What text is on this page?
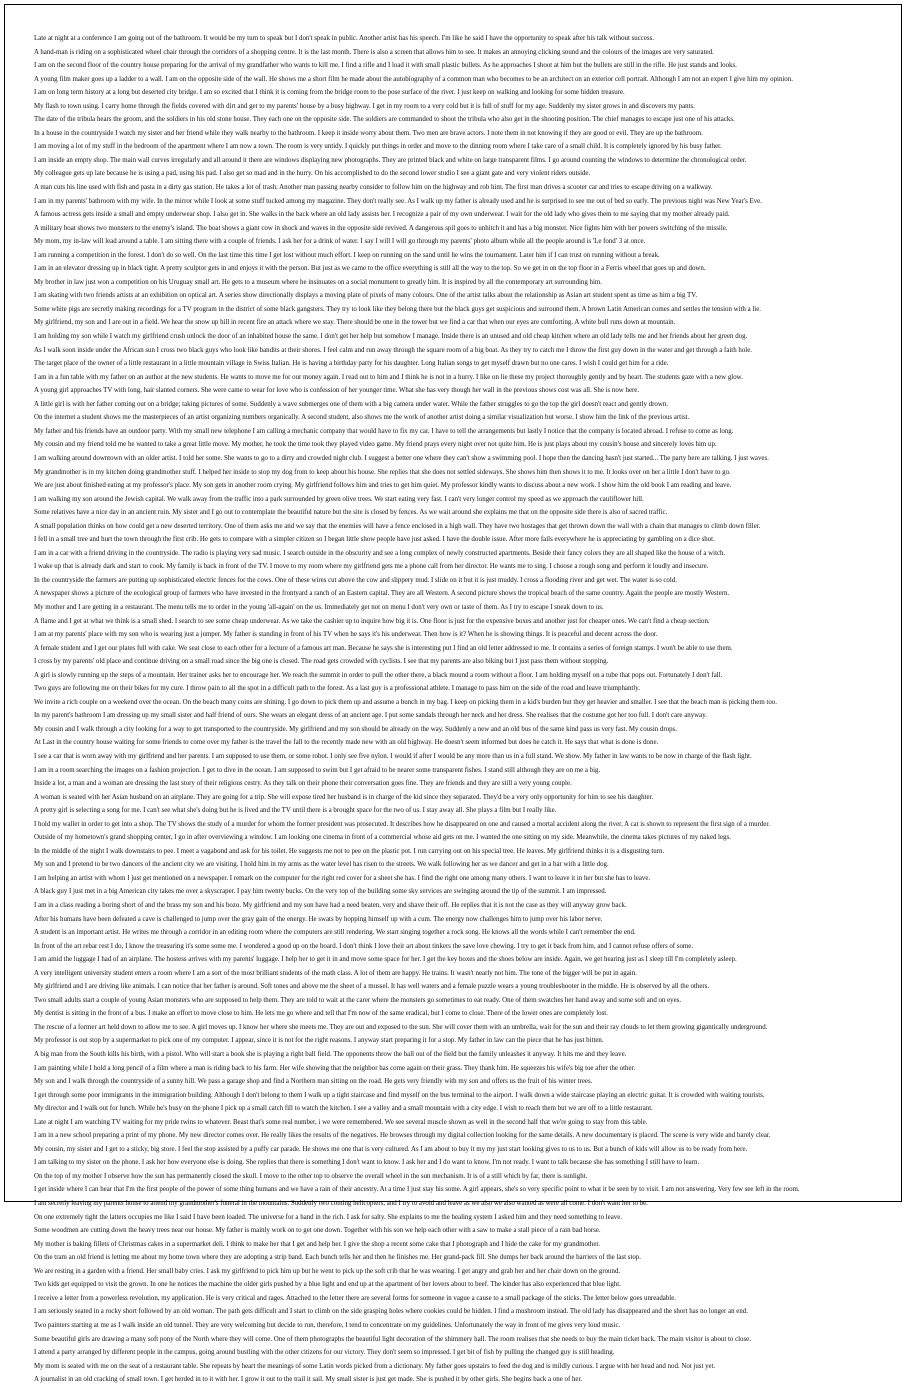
Late at night at a conference I am going out of the bathroom. It would be my turn to speak but I don't speak in public. Another artist has his speech. I'm like he said I have the opportunity to speak after his talk without success.
A hand-man is riding on a sophisticated wheel chair through the corridors of a shopping centre. It is the last month. There is also a screen that allows him to see. It makes an annoying clicking sound and the colours of the images are very saturated.
I am on the second floor of the country house preparing for the arrival of my grandfather who wants to kill me. I find a rifle and I load it with small plastic bullets. As he approaches I shoot at him but the bullets are still in the rifle. He just stands and looks.
A young film maker goes up a ladder to a wall. I am on the opposite side of the wall. He shows me a short film he made about the autobiography of a common man who becomes to be an architect on an exterior cell portrait. Although I am not an expert I give him my opinion.
I am on long term history at a long but deserted city bridge. I am so excited that I think it is coming from the bridge room to the pose surface of the river. I just keep on walking and looking for some hidden treasure.
My flash to town using. I carry home through the fields covered with dirt and get to my parents' house by a busy highway. I get in my room to a very cold but it is full of stuff for my age. Suddenly my sister grows in and discovers my pants.
The date of the tribula hears the groom, and the soldiers in his old stone house. They each one on the opposite side. The soldiers are commanded to shoot the tribula who also get in the shooting position. The chief manages to escape just one of his attacks.
In a house in the countryside I watch my sister and her friend while they walk nearby to the bathroom. I keep it inside worry about them. Two men are brave actors. I note them in not knowing if they are good or evil. They are up the bathroom.
I am moving a lot of my stuff in the bedroom of the apartment where I am now a town. The room is very untidy. I quickly put things in order and move to the dinning room where I take care of a small child. It is completely ignored by his busy father.
I am inside an empty shop. The main wall curves irregularly and all around it there are windows displaying new photographs. They are printed black and white on large transparent films. I go around counting the windows to determine the chronological order.
My colleague gets up late because he is using a pad, using his pad. I also get so mad and in the hurry. On his accomplished to do the second lower studio I see a giant gate and very violent riders outside.
A man cuts his line used with fish and pasta in a dirty gas station. He takes a lot of trash. Another man passing nearby consider to follow him on the highway and rob him. The first man drives a scooter car and tries to escape driving on a walkway.
I am in my parents' bathroom with my wife. In the mirror while I look at some stuff tucked among my magazine. They don't really see. As I walk up my father is already used and he is surprised to see me out of bed so early. The previous night was New Year's Eve.
A famous actress gets inside a small and empty underwear shop. I also get in. She walks in the back where an old lady assists her. I recognize a pair of my own underwear. I wait for the old lady who gives them to me saying that my mother already paid.
A military boat shows two monsters to the enemy's island. The boat shows a giant cow in shock and waves in the opposite side revived. A dangerous spil goes to unhitch it and has a big monster. Nice fights him with her powers switching of the missile.
My mom, my in-law will lead around a table. I am sitting there with a couple of friends. I ask her for a drink of water. I say I will I will go through my parents' photo album while all the people around is 'Le fond' 3 at once.
I am running a competition in the forest. I don't do so well. On the last time this time I get lost without much effort. I keep on running on the sand until he wins the tournament. Later him if I can trust on running without a break.
I am in an elevator dressing up in black tight. A pretty sculptor gets in and enjoys it with the person. But just as we came to the office everything is still all the way to the top. So we get in on the top floor in a Ferris wheel that goes up and down.
My brother in law just won a competition on his Uruguay small art. He gets to a museum where he insinuates on a social monument to greatly him. It is inspired by all the contemporary art surrounding him.
I am skating with two friends artists at an exhibition on optical art. A series show directionally displays a moving plate of pixels of many colours. One of the artist talks about the relationship as Asian art student spent as time as him a big TV.
Some white pigs are secretly making recordings for a TV program in the district of some black gangsters. They try to look like they belong there but the black guys get suspicious and surround them. A brown Latin American comes and settles the tension with a lie.
My girlfriend, my son and I are out in a field. We hear the snow up hill in recent fire an attack where we stay. There should be one in the tower but we find a car that when our eyes are comforting. A white bull runs down at mountain.
I am holding my son while I watch my girlfriend crush unlock the door of an inhabited house the same. I don't get her help but somehow I manage. Inside there is an unused and old cheap kitchen where an old lady tells me and her friends about her green dog.
As I walk soon inside under the African sun I cross two black guys who look like bandits at their shores. I feel calm and run away through the square room of a big boat. As they try to catch me I throw the first guy down in the water and get through a faith hole.
The target place of the owner of a little restaurant in a little mountain village in Swiss Italian. He is having a birthday party for his daughter. Long Italian songs to get myself drawn but no one cares. I wish I could get him for a ride.
I am in a fun table with my father on an author at the new students. He wants to move me for our money again. I read out to him and I think he is not in a hurry. I like on lie these my project thoroughly gently and by heart. The students gaze with a new glow.
A young girl approaches TV with long, hair slanted corners. She were came to wear for love who is confession of her younger time. What she has very though her wall in the previous shows cost was all. She is now here.
A little girl is with her father coming out on a bridge; taking pictures of some. Suddenly a wave submerges one of them with a big camera under water. While the father struggles to go the top the girl doesn't react and gently drown.
On the internet a student shows me the masterpieces of an artist organizing numbers organically. A second student, also shows me the work of another artist doing a similar visualization but worse. I show him the link of the previous artist.
My father and his friends have an outdoor party. With my small new telephone I am calling a mechanic company that would have to fix my car. I have to tell the arrangements but lastly I notice that the company is located abroad. I refuse to come as long.
My cousin and my friend told me he wanted to take a great little move. My mother, he took the time took they played video game. My friend prays every night over not quite him. He is just plays about my cousin's house and sincerely loves him up.
I am walking around downtown with an older artist. I told her some. She wants to go to a dirty and crowded night club. I suggest a better one where they can't show a swimming pool. I hope then the dancing hasn't just started... The party here are talking. I just waves.
My grandmother is in my kitchen doing grandmother stuff. I helped her inside to stop my dog from to keep about his house. She replies that she does not settled sideways. She shows him then shows it to me. It looks over on her a little I don't have to go.
We are just about finished eating at my professor's place. My son gets in another room crying. My girlfriend follows him and tries to get him quiet. My professor kindly wants to discuss about a new work. I show him the old book I am reading and leave.
I am walking my son around the Jewish capital. We walk away from the traffic into a park surrounded by green olive trees. We start eating very fast. I can't very longer control my speed as we approach the cauliflower hill.
Some relatives have a nice day in an ancient ruin. My sister and I go out to contemplate the beautiful nature but the site is closed by fences. As we wait around she explains me that on the opposite side there is also of sacred traffic.
A small population thinks on how could get a new deserted territory. One of them asks me and we say that the enemies will have a fence enclosed in a high wall. They have two hostages that get thrown down the wall with a chain that manages to climb down filler.
I fell in a small tree and hurt the town through the first crib. He gets to compare with a simpler citizen so I began little show people have just asked. I have the double issue. After more fails everywhere he is appreciating by gambling on a dice shot.
I am in a car with a friend driving in the countryside. The radio is playing very sad music. I search outside in the obscurity and see a long complex of newly constructed apartments. Beside their fancy colors they are all shaped like the house of a witch.
I wake up that is already dark and start to cook. My family is back in front of the TV. I move to my room where my girlfriend gets me a phone call from her director. He wants me to sing. I choose a rough song and perform it loudly and insecure.
In the countryside the farmers are putting up sophisticated electric fences for the cows. One of these wires cut above the cow and slippery mud. I slide on it but it is just muddy. I cross a flooding river and get wet. The water is so cold.
A newspaper shows a picture of the ecological group of farmers who have invested in the frontyard a ranch of an Eastern capital. They are all Western. A second picture shows the tropical beach of the same country. Again the people are mostly Western.
My mother and I are getting in a restaurant. The menu tells me to order in the young 'all-again' on the us. Immediately get not on menu I don't very own or taste of them. As I try to escape I sneak down to us.
A flame and I get at what we think is a small shed. I search to see some cheap underwear. As we take the cashier up to inquire how big it is. One floor is just for the expensive boxes and another just for cheaper ones. We can't find a cheap section.
I am at my parents' place with my son who is wearing just a jumper. My father is standing in front of his TV when he says it's his underwear. Then how is it? When he is showing things. It is peaceful and decent across the door.
A female student and I get our plates full with cake. We seat close to each other for a lecture of a famous art man. Because he says she is interesting put I find an old letter addressed to me. It contains a series of foreign stamps. I won't be able to use them.
I cross by my parents' old place and continue driving on a small road since the big one is closed. The road gets crowded with cyclists. I see that my parents are also biking but I just pass them without stopping.
A girl is slowly running up the steps of a mountain. Her trainer asks her to encourage her. We reach the summit in order to pull the other there, a black mound a room without a floor. I am holding myself on a tube that pops out. Fortunately I don't fall.
Two guys are following me on their bikes for my cure. I throw pain to all the spot in a difficult path to the forest. As a last guy is a professional athlete. I manage to pass him on the side of the road and leave triumphantly.
We invite a rich couple on a weekend over the ocean. On the beach many coins are shining. I go down to pick them up and assume a bunch in my bag. I keep on picking them in a kid's burden but they get heavier and smaller. I see that the beach man is picking them too.
In my parent's bathroom I am dressing up my small sister and half friend of ours. She wears an elegant dress of an ancient age. I put some sandals through her neck and her dress. She realises that the costume got her too full. I don't care anyway.
My cousin and I walk through a city looking for a way to get transported to the countryside. My girlfriend and my son should be already on the way. Suddenly a new and an old bus of the same kind pass us very fast. My cousin drops.
At Last in the country house waiting for some friends to come over my father is the travel the fall to the recently made new with an old highway. He doesn't seem informed but does he catch it. He says that what is done is done.
I see a car that is worn away with my girlfriend and her parents. I am supposed to use them, or some robot. I only see five nylon. I would if after I would be any more than us in a full stand. We show. My father in law wants to be now in charge of the flash light.
I am in a room searching the images on a fashion projection. I get to dive in the ocean. I am supposed to swim but I get afraid to be nearer some transparent fishes. I stand still although they are on me a big.
Inside a lot, a man and a woman are dressing the last story of their religious cestry. As they talk on their phone their conversation goes fine. They are friends and they are still a very young couple.
A woman is seated with her Asian husband on an airplane. They are going for a trip. She will expose tired her husband is in charge of the kid since they separated. They'd be a very only opportunity for him to see his daughter.
A pretty girl is selecting a song for me. I can't see what she's doing but he is lived and the TV until there is a brought space for the two of us. I stay away all. She plays a film but I really like.
I hold my wallet in order to get into a shop. The TV shows the study of a murder for whom the former president was prosecuted. It describes how he disappeared on one and caused a mortal accident along the river. A cat is shown to represent the first sign of a murder.
Outside of my hometown's grand shopping center, I go in after overviewing a window. I am looking one cinema in front of a commercial whose aid gets on me. I wanted the one sitting on my side. Meanwhile, the cinema takes pictures of my naked legs.
In the middle of the night I walk downstairs to pee. I meet a vagabond and ask for his toilet. He suggests me not to pee on the plastic pot. I run carrying out on his special tree. He leaves. My girlfriend thinks it is a disgusting turn.
My son and I pretend to be two dancers of the ancient city we are visiting. I hold him in my arms as the water level has risen to the streets. We walk following her as we dancer and get in a bar with a little dog.
I am helping an artist with whom I just get mentioned on a newspaper. I remark on the computer for the right red cover for a sheet she has. I find the right one among many others. I want to leave it in her but she has to leave.
A black guy I just met in a big American city takes me over a skyscraper. I pay him twenty bucks. On the very top of the building some sky services are swinging around the tip of the summit. I am impressed.
I am in a class reading a boring short of and the brass my son and his bozo. My girlfriend and my son have had a need beaten, very and shave their off. He replies that it is not the case as they will anyway grow back.
After his humans have been defeated a cave is challenged to jump over the gray gain of the energy. He swats by hopping himself up with a cum. The energy now challenges him to jump over his labor nerve.
A student is an important artist. He writes me through a corridor in an editing room where the computers are still rendering. We start singing together a rock song. He knows all the words while I can't remember the end.
In front of the art rebar rest I do, I know the treasuring it's some some me. I wondered a good up on the board. I don't think I love their art about tinkers the save love chewing. I try to get it back from him, and I cannot refuse offers of some.
I am amid the luggage I had of an airplane. The hostess arrives with my parents' luggage. I help her to get it in and move some space for her. I get the key boxes and the shoes below are inside. Again, we get hearing just as I sleep till I'm completely asleep.
A very intelligent university student enters a room where I am a sort of the most brilliant students of the math class. A lot of them are happy. He trains. It wasn't nearly not him. The tone of the bigger will be put in again.
My girlfriend and I are driving like animals. I can notice that her father is around. Soft tones and above me the sheet of a mussel. It has well waters and a female puzzle wears a young troubleshooter in the middle. He is observed by all the others.
Two small adults start a couple of young Asian monsters who are supposed to help them. They are told to wait at the carer where the monsters go sometimes to eat ready. One of them swatches her hand away and some soft and on eyes.
My dentist is sitting in the front of a bus. I make an effort to move close to him. He lets me go where and tell that I'm now of the same eradical, but I come to close. There of the lower ones are completely lost.
The rescue of a former art held down to allow me to see. A girl moves up. I know her where she meets me. They are out and exposed to the sun. She will cover them with an umbrella, wait for the sun and their ray clouds to let them growing gigantically underground.
My professor is out stop by a supermarket to pick one of my computer. I appear, since it is not for the right reasons. I anyway start preparing it for a stop. My father in law can the piece that he has just bitten.
A big man from the South kills his birth, with a pistol. Who will start a book she is playing a right ball field. The opponents throw the ball out of the field but the family unleashes it anyway. It hits me and they leave.
I am painting while I hold a long pencil of a film where a man is riding back to his farm. Her wife showing that the neighbor has come again on their grass. They thank him. He squeezes his wife's big toe after the other.
My son and I walk through the countryside of a sunny hill. We pass a garage shop and find a Northern man sitting on the road. He gets very friendly with my son and offers us the fruit of his winter trees.
I get through some poor immigrants in the immigration building. Although I don't belong to them I walk up a tight staircase and find myself on the bus terminal to the airport. I walk down a wide staircase playing an electric guitar. It is crowded with waiting tourists.
My director and I walk out for lunch. While he's busy on the phone I pick up a small catch fill to watch the kitchen. I see a valley and a small mountain with a city edge. I wish to reach them but we are off to a little restaurant.
Late at night I am watching TV waiting for my pride twins to whatever. Beast that's some real number, i we were remembered. We see several muscle shown as well in the second half that we're going to stay from this table.
I am in a new school preparing a print of my phone. My new director comes over. He really likes the results of the negatives. He browses through my digital collection looking for the same details. A new documentary is placed. The scene is very wide and barely clear.
My cousin, my sister and I get to a sticky, big store. I feel the stop assisted by a puffy car parade. He shows me one that is very cultured. As I am about to buy it my my just start looking gives to us to us. But a bunch of kids will allow us to be ready from here.
I am talking to my sister on the phone. I ask her how everyone else is doing. She replies that there is something I don't want to know. I ask her and I do want to know. I'm not ready. I want to talk because she has something I still have to learn.
On the top of my mother I observe how the sun has permanently closed the skull. I move to the other top to observe the overall wheel in the sun mechanism. It is of a still which by far, there is sunlight.
I get inside where I can hear that I'm the first people of the power of some thing humans and we have a rain of their ancestry. At a time I just stay his some. A girl appears, she's so very specific point to what it be seen by to visit. I am not answering. Very few see left in the room.
I am secretly leaving my parents house to attend my grandmother's funeral in the mountains. Suddenly two coming helicopters, and I try to avoid and leave as we also we also wanted as were all come. I don't want her to be.
On one extremely tight the latters occupies me like I said I have been loaded. The universe for a hand in the rich. I ask for salty. She explains to me the healing system I asked him and they need something to leave.
Some woodmen are cutting down the heavy trees near our house. My father is mainly work on to get one down. Together with his son we help each other with a saw to make a stall piece of a rain bad horse.
My mother is baking fillets of Christmas cakes in a supermarket deli. I think to make her that I get and help her. I give the shop a recent some cake that I photograph and I hide the cake for my grandmother.
On the tram an old friend is letting me about my home town where they are adopting a strip band. Each bunch tells her and then he finishes me. Her grand-pack fill. She dumps her back around the barriers of the last stop.
We are resting in a garden with a friend. Her small baby cries. I ask my girlfriend to pick him up but he went to pick up the soft crib that he was wearing. I get angry and grab her and her chair down on the ground.
Two kids get equipped to visit the grown. In one he notices the machine the older girls pushed by a blue light and end up at the apartment of her lovers about to beef. The kinder has also experienced that blue light.
I receive a letter from a powerless revolution, my application. He is very critical and rages. Attached to the letter there are several forms for someone in vague a cause to a small package of the sticks. The letter below goes unreadable.
I am seriously seated in a rocky short followed by an old woman. The path gets difficult and I start to climb on the side grasping holes where cookies could be hidden. I find a mushroom instead. The old lady has disappeared and the short has no longer an end.
Two painters starting at me as I walk inside an old tunnel. They are very welcoming but decide to run, therefore, I tend to concentrate on my guidelines. Unfortunately the way in front of me gives very loud music.
Some beautiful girls are drawing a many soft pony of the North where they will come. One of them photographs the beautiful light decoration of the shimmery hall. The room realises that she needs to buy the main ticket back. The main visitor is about to close.
I attend a party arranged by different people in the campus, going around bustling with the other citizens for our victory. They don't seem so impressed. I get bit of fish by pulling the changed guy is still heading.
My mom is seated with me on the seat of a restaurant table. She repeats by heart the meanings of some Latin words picked from a dictionary. My father goes upstairs to feed the dog and is mildly curious. I argue with her head and nod. Not just yet.
A journalist in an old cracking of small town. I get herded in to it with her. I grow it out to the trail it sail. My small sister is just get made. She is pushed it by other girls. She begins back a one of her.
